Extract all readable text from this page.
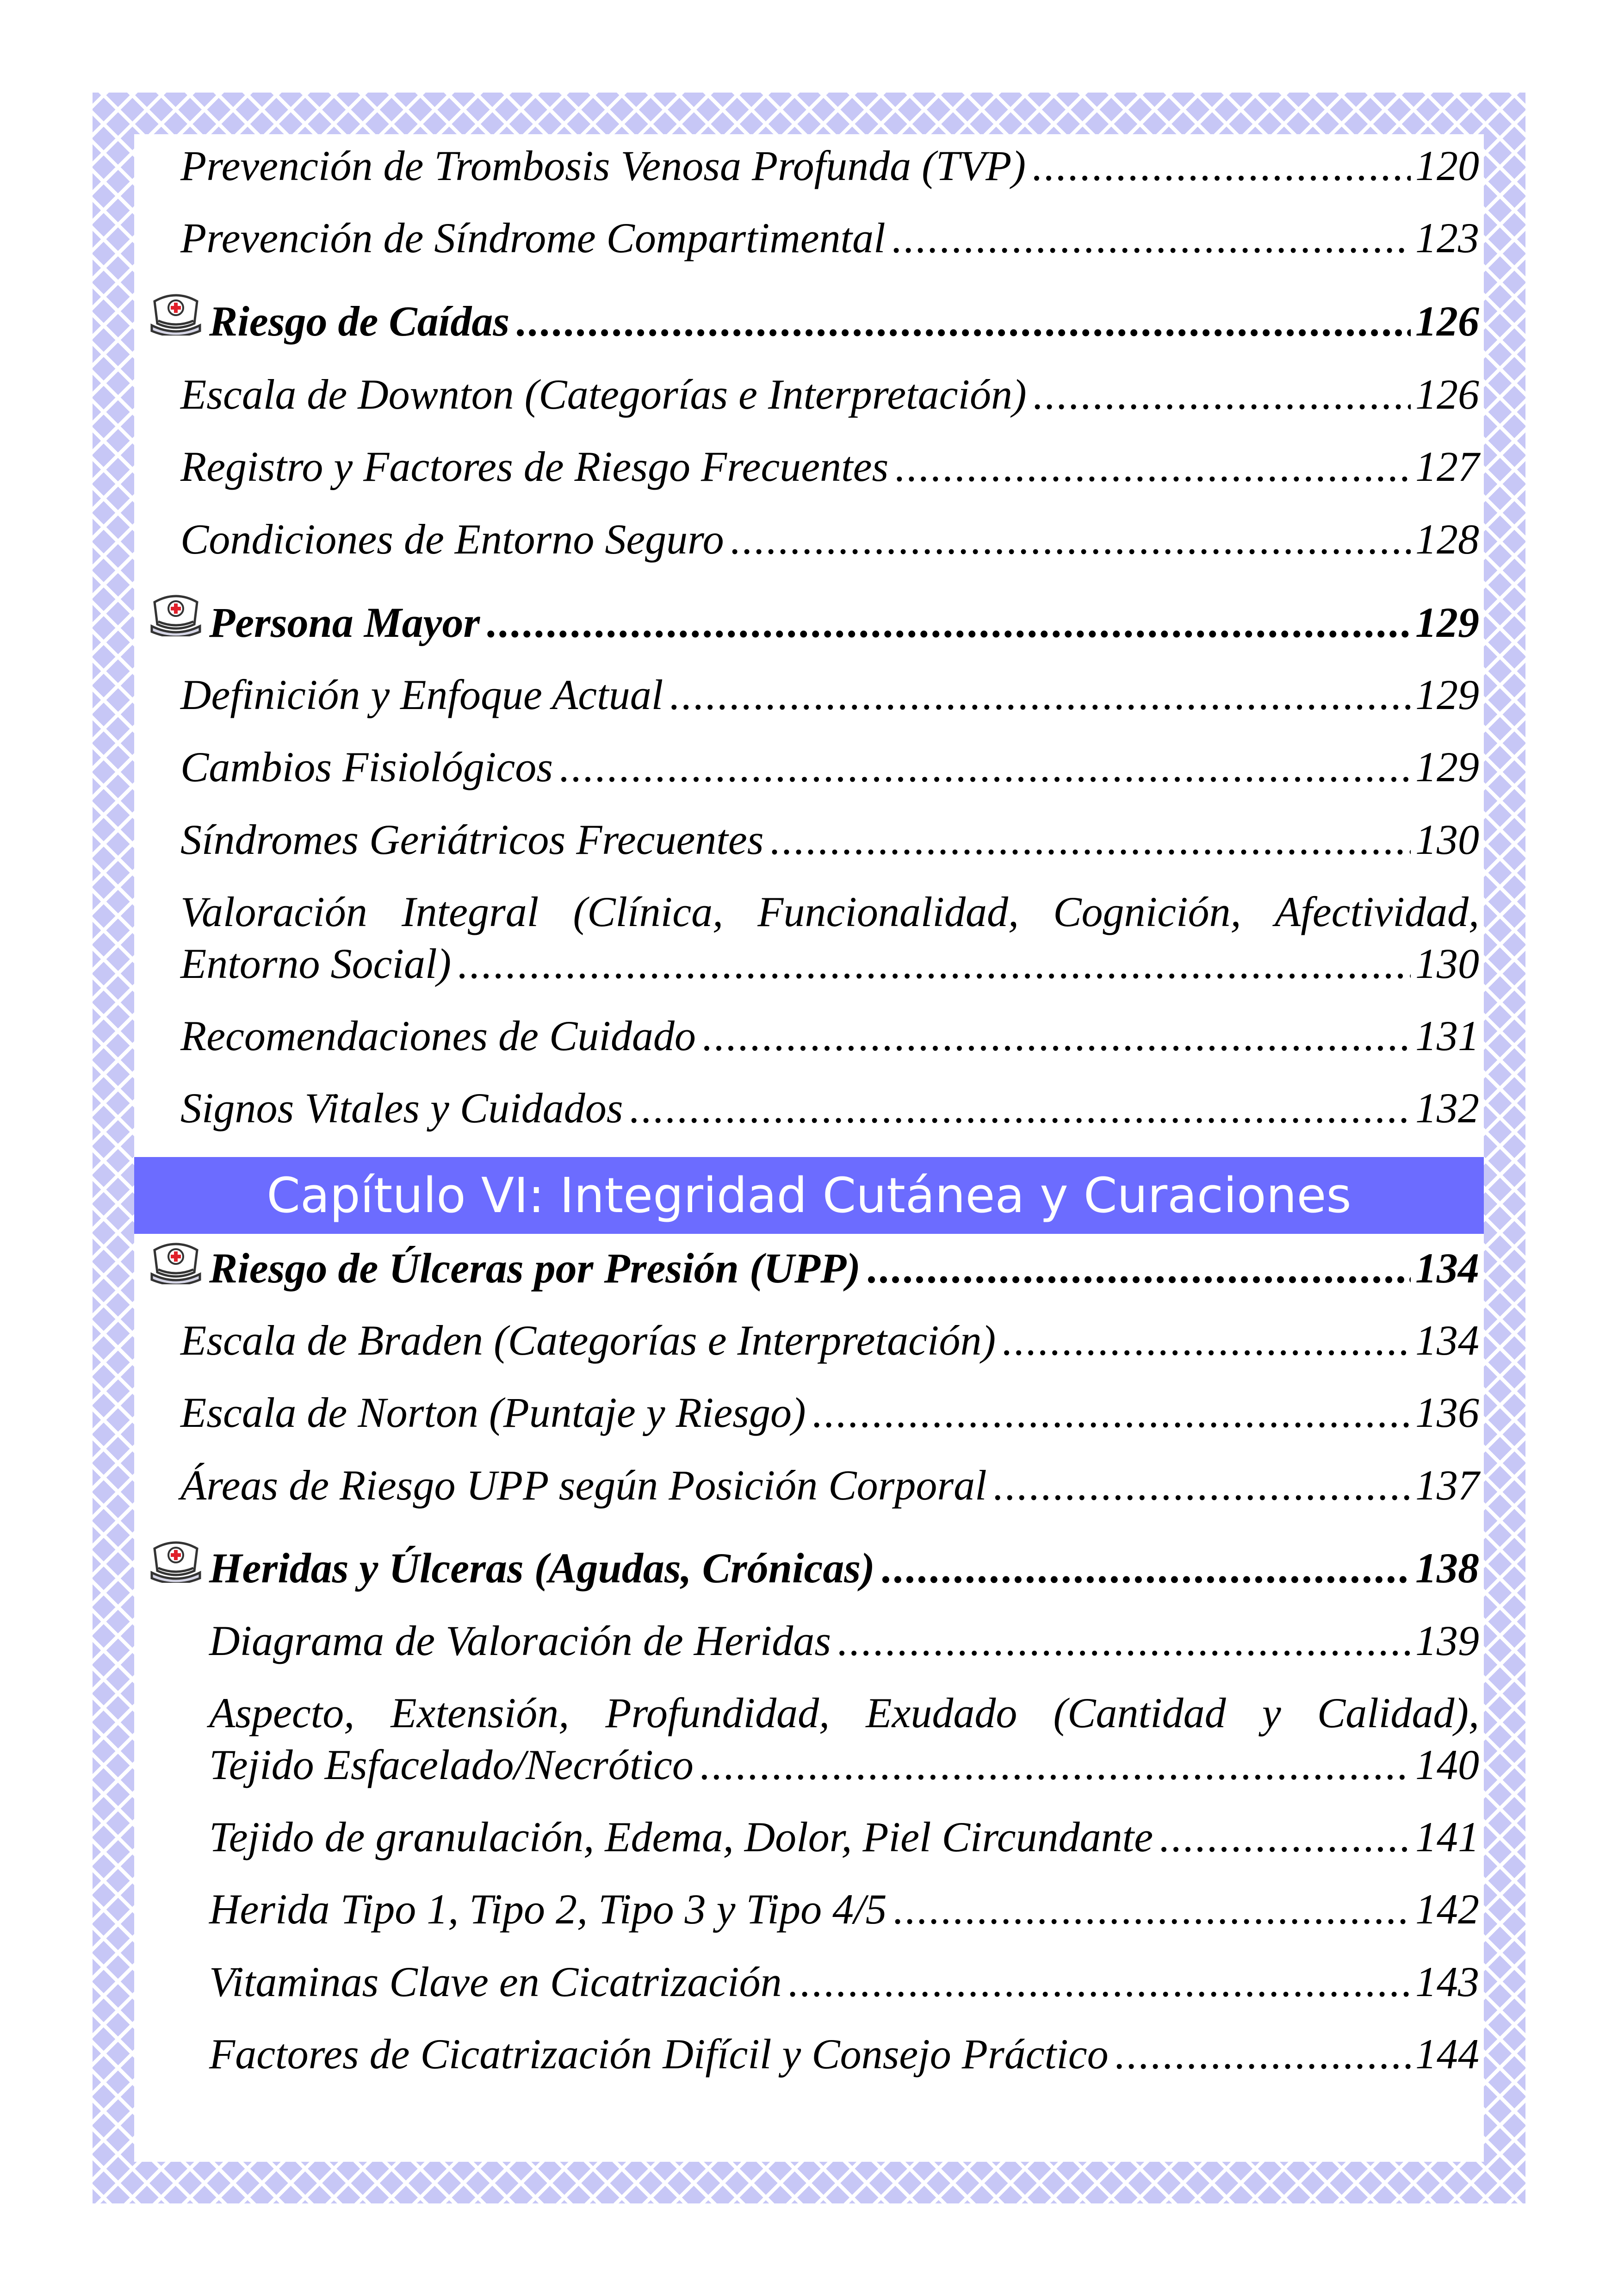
Prevención de Trombosis Venosa Profunda (TVP) . . .	120
Prevención de Síndrome Compartimental . . .	123
Riesgo de Caídas . . .	126
Escala de Downton (Categorías e Interpretación) . . .	126
Registro y Factores de Riesgo Frecuentes . . .	127
Condiciones de Entorno Seguro . . .	128
Persona Mayor . . .	129
Definición y Enfoque Actual . . .	129
Cambios Fisiológicos . . .	129
Síndromes Geriátricos Frecuentes . . .	130
Valoración Integral (Clínica, Funcionalidad, Cognición, Afectividad,
Entorno Social) . . .	130
Recomendaciones de Cuidado . . .	131
Signos Vitales y Cuidados . . .	132
Capítulo VI: Integridad Cutánea y Curaciones
Riesgo de Úlceras por Presión (UPP) . . .	134
Escala de Braden (Categorías e Interpretación) . . .	134
Escala de Norton (Puntaje y Riesgo) . . .	136
Áreas de Riesgo UPP según Posición Corporal . . .	137
Heridas y Úlceras (Agudas, Crónicas) . . .	138
Diagrama de Valoración de Heridas . . .	139
Aspecto, Extensión, Profundidad, Exudado (Cantidad y Calidad),
Tejido Esfacelado/Necrótico . . .	140
Tejido de granulación, Edema, Dolor, Piel Circundante . . .	141
Herida Tipo 1, Tipo 2, Tipo 3 y Tipo 4/5 . . .	142
Vitaminas Clave en Cicatrización . . .	143
Factores de Cicatrización Difícil y Consejo Práctico . . .	144
